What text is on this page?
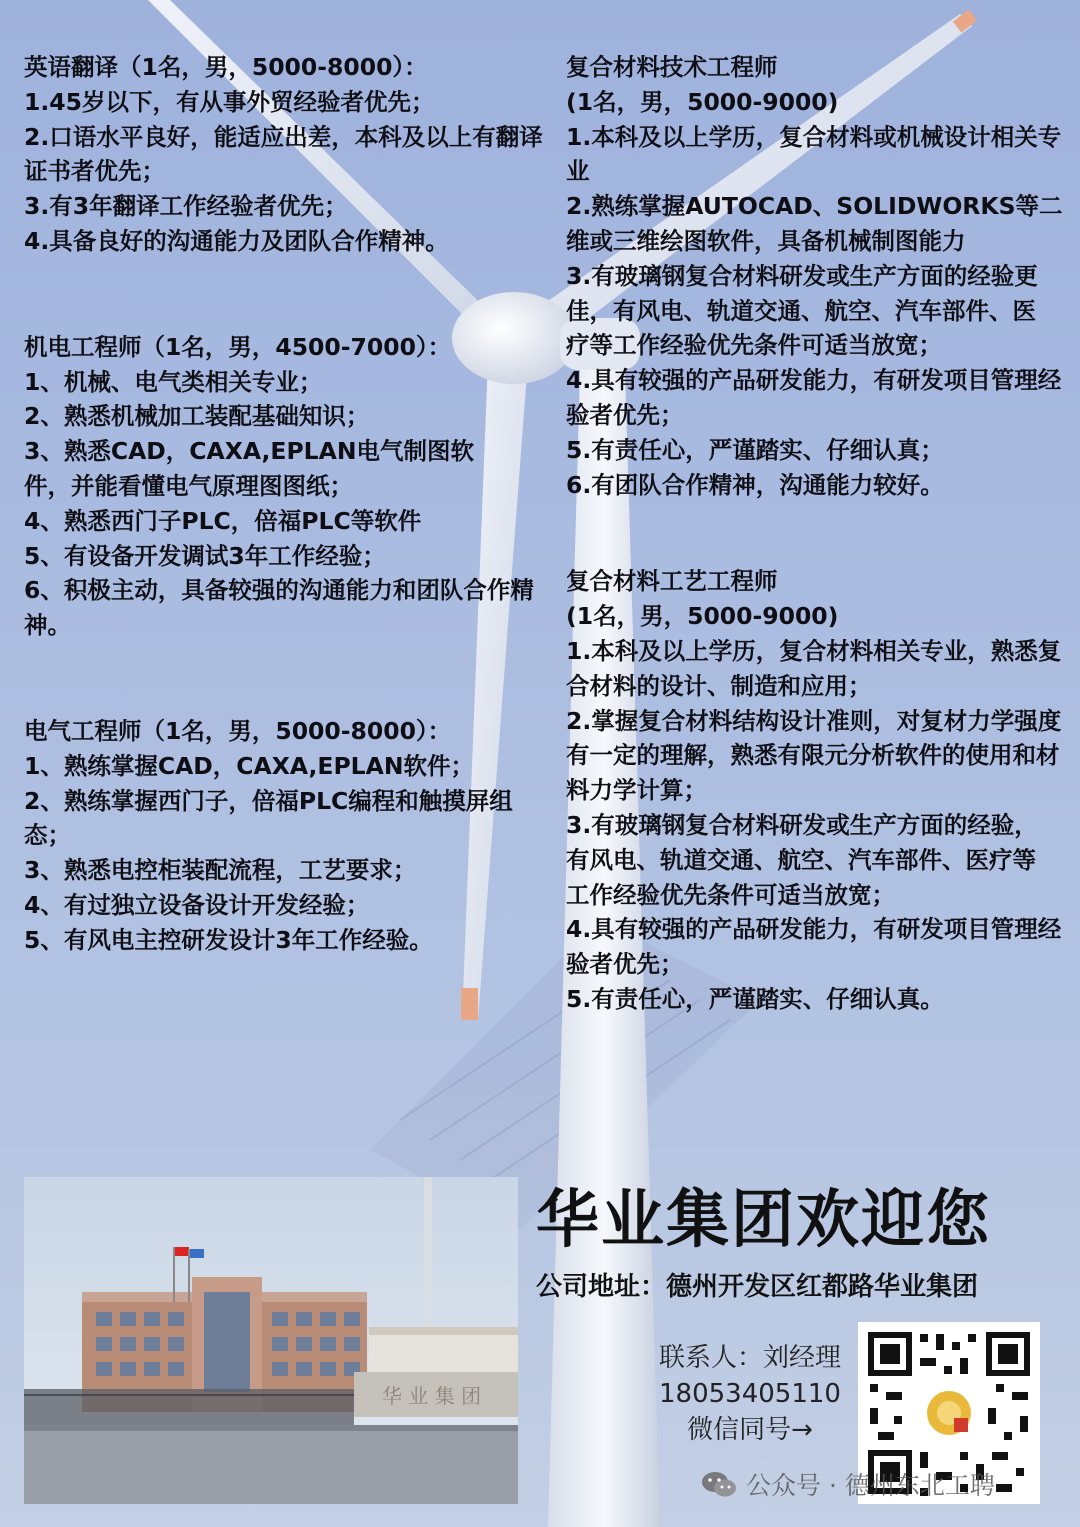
英语翻译（1名，男，5000-8000）：

1.45岁以下，有从事外贸经验者优先；

2.口语水平良好，能适应出差，本科及以上有翻译证书者优先；

3.有3年翻译工作经验者优先；

4.具备良好的沟通能力及团队合作精神。

机电工程师（1名，男，4500-7000）：

1、机械、电气类相关专业；

2、熟悉机械加工装配基础知识；

3、熟悉CAD，CAXA,EPLAN电气制图软件，并能看懂电气原理图图纸；

4、熟悉西门子PLC，倍福PLC等软件

5、有设备开发调试3年工作经验；

6、积极主动，具备较强的沟通能力和团队合作精神。

电气工程师（1名，男，5000-8000）：

1、熟练掌握CAD，CAXA,EPLAN软件；

2、熟练掌握西门子，倍福PLC编程和触摸屏组态；

3、熟悉电控柜装配流程，工艺要求；

4、有过独立设备设计开发经验；

5、有风电主控研发设计3年工作经验。

复合材料技术工程师

(1名，男，5000-9000)

1.本科及以上学历，复合材料或机械设计相关专业

2.熟练掌握AUTOCAD、SOLIDWORKS等二维或三维绘图软件，具备机械制图能力

3.有玻璃钢复合材料研发或生产方面的经验更佳，有风电、轨道交通、航空、汽车部件、医疗等工作经验优先条件可适当放宽；

4.具有较强的产品研发能力，有研发项目管理经验者优先；

5.有责任心，严谨踏实、仔细认真；

6.有团队合作精神，沟通能力较好。

复合材料工艺工程师

(1名，男，5000-9000)

1.本科及以上学历，复合材料相关专业，熟悉复合材料的设计、制造和应用；

2.掌握复合材料结构设计准则，对复材力学强度有一定的理解，熟悉有限元分析软件的使用和材料力学计算；

3.有玻璃钢复合材料研发或生产方面的经验，有风电、轨道交通、航空、汽车部件、医疗等工作经验优先条件可适当放宽；

4.具有较强的产品研发能力，有研发项目管理经验者优先；

5.有责任心，严谨踏实、仔细认真。

华 业 集 团
华业集团欢迎您
公司地址：德州开发区红都路华业集团

联系人：刘经理

18053405110

微信同号→

公众号 · 德州东北工聘
